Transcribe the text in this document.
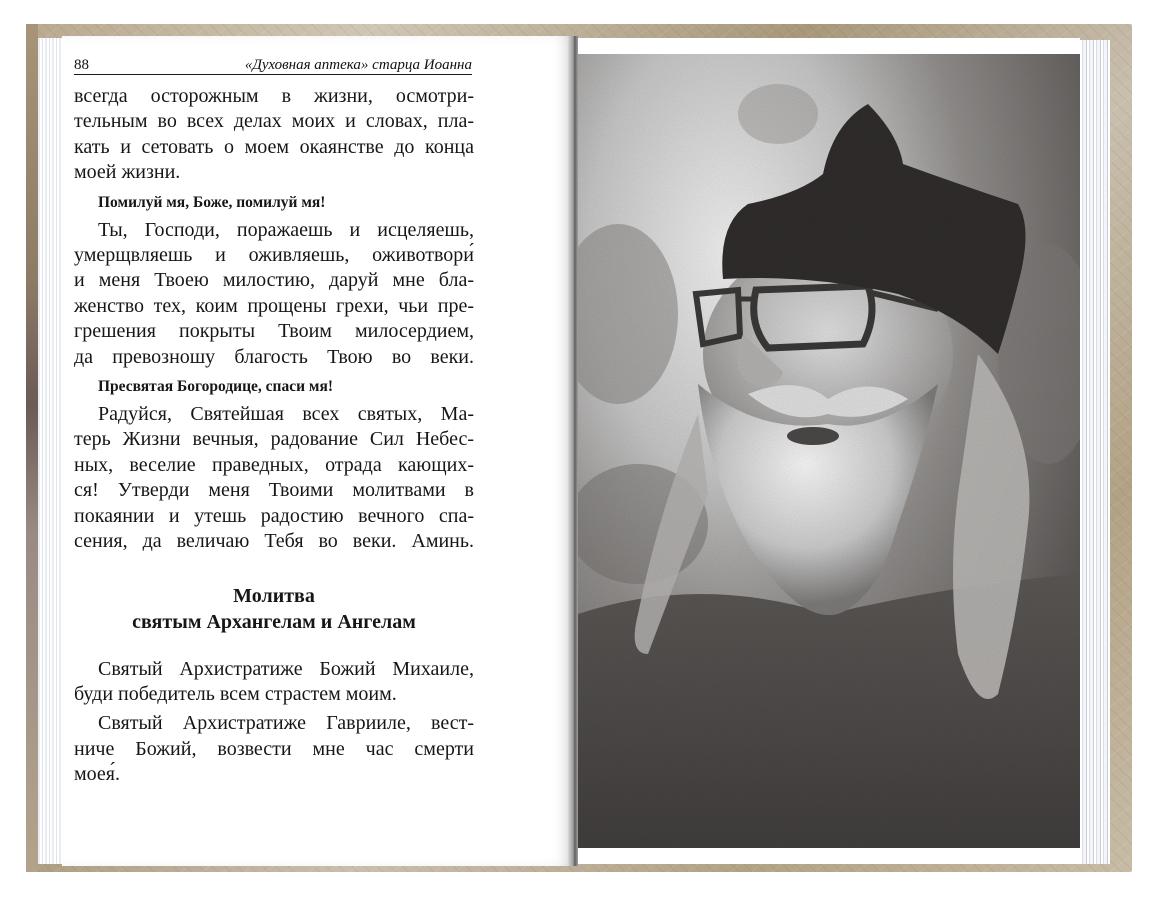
88	«Духовная аптека» старца Иоанна

всегда осторожным в жизни, осмотри-
тельным во всех делах моих и словах, пла-
кать и сетовать о моем окаянстве до конца
моей жизни.

Помилуй мя, Боже, помилуй мя!

Ты, Господи, поражаешь и исцеляешь,
умерщвляешь и оживляешь, оживотвори́
и меня Твоею милостию, даруй мне бла-
женство тех, коим прощены грехи, чьи пре-
грешения покрыты Твоим милосердием,
да превозношу благость Твою во веки.

Пресвятая Богородице, спаси мя!

Радуйся, Святейшая всех святых, Ма-
терь Жизни вечныя, радование Сил Небес-
ных, веселие праведных, отрада кающих-
ся! Утверди меня Твоими молитвами в
покаянии и утешь радостию вечного спа-
сения, да величаю Тебя во веки. Аминь.

Молитва
святым Архангелам и Ангелам

Святый Архистратиже Божий Михаиле,
буди победитель всем страстем моим.

Святый Архистратиже Гаврииле, вест-
ниче Божий, возвести мне час смерти
моея́.
